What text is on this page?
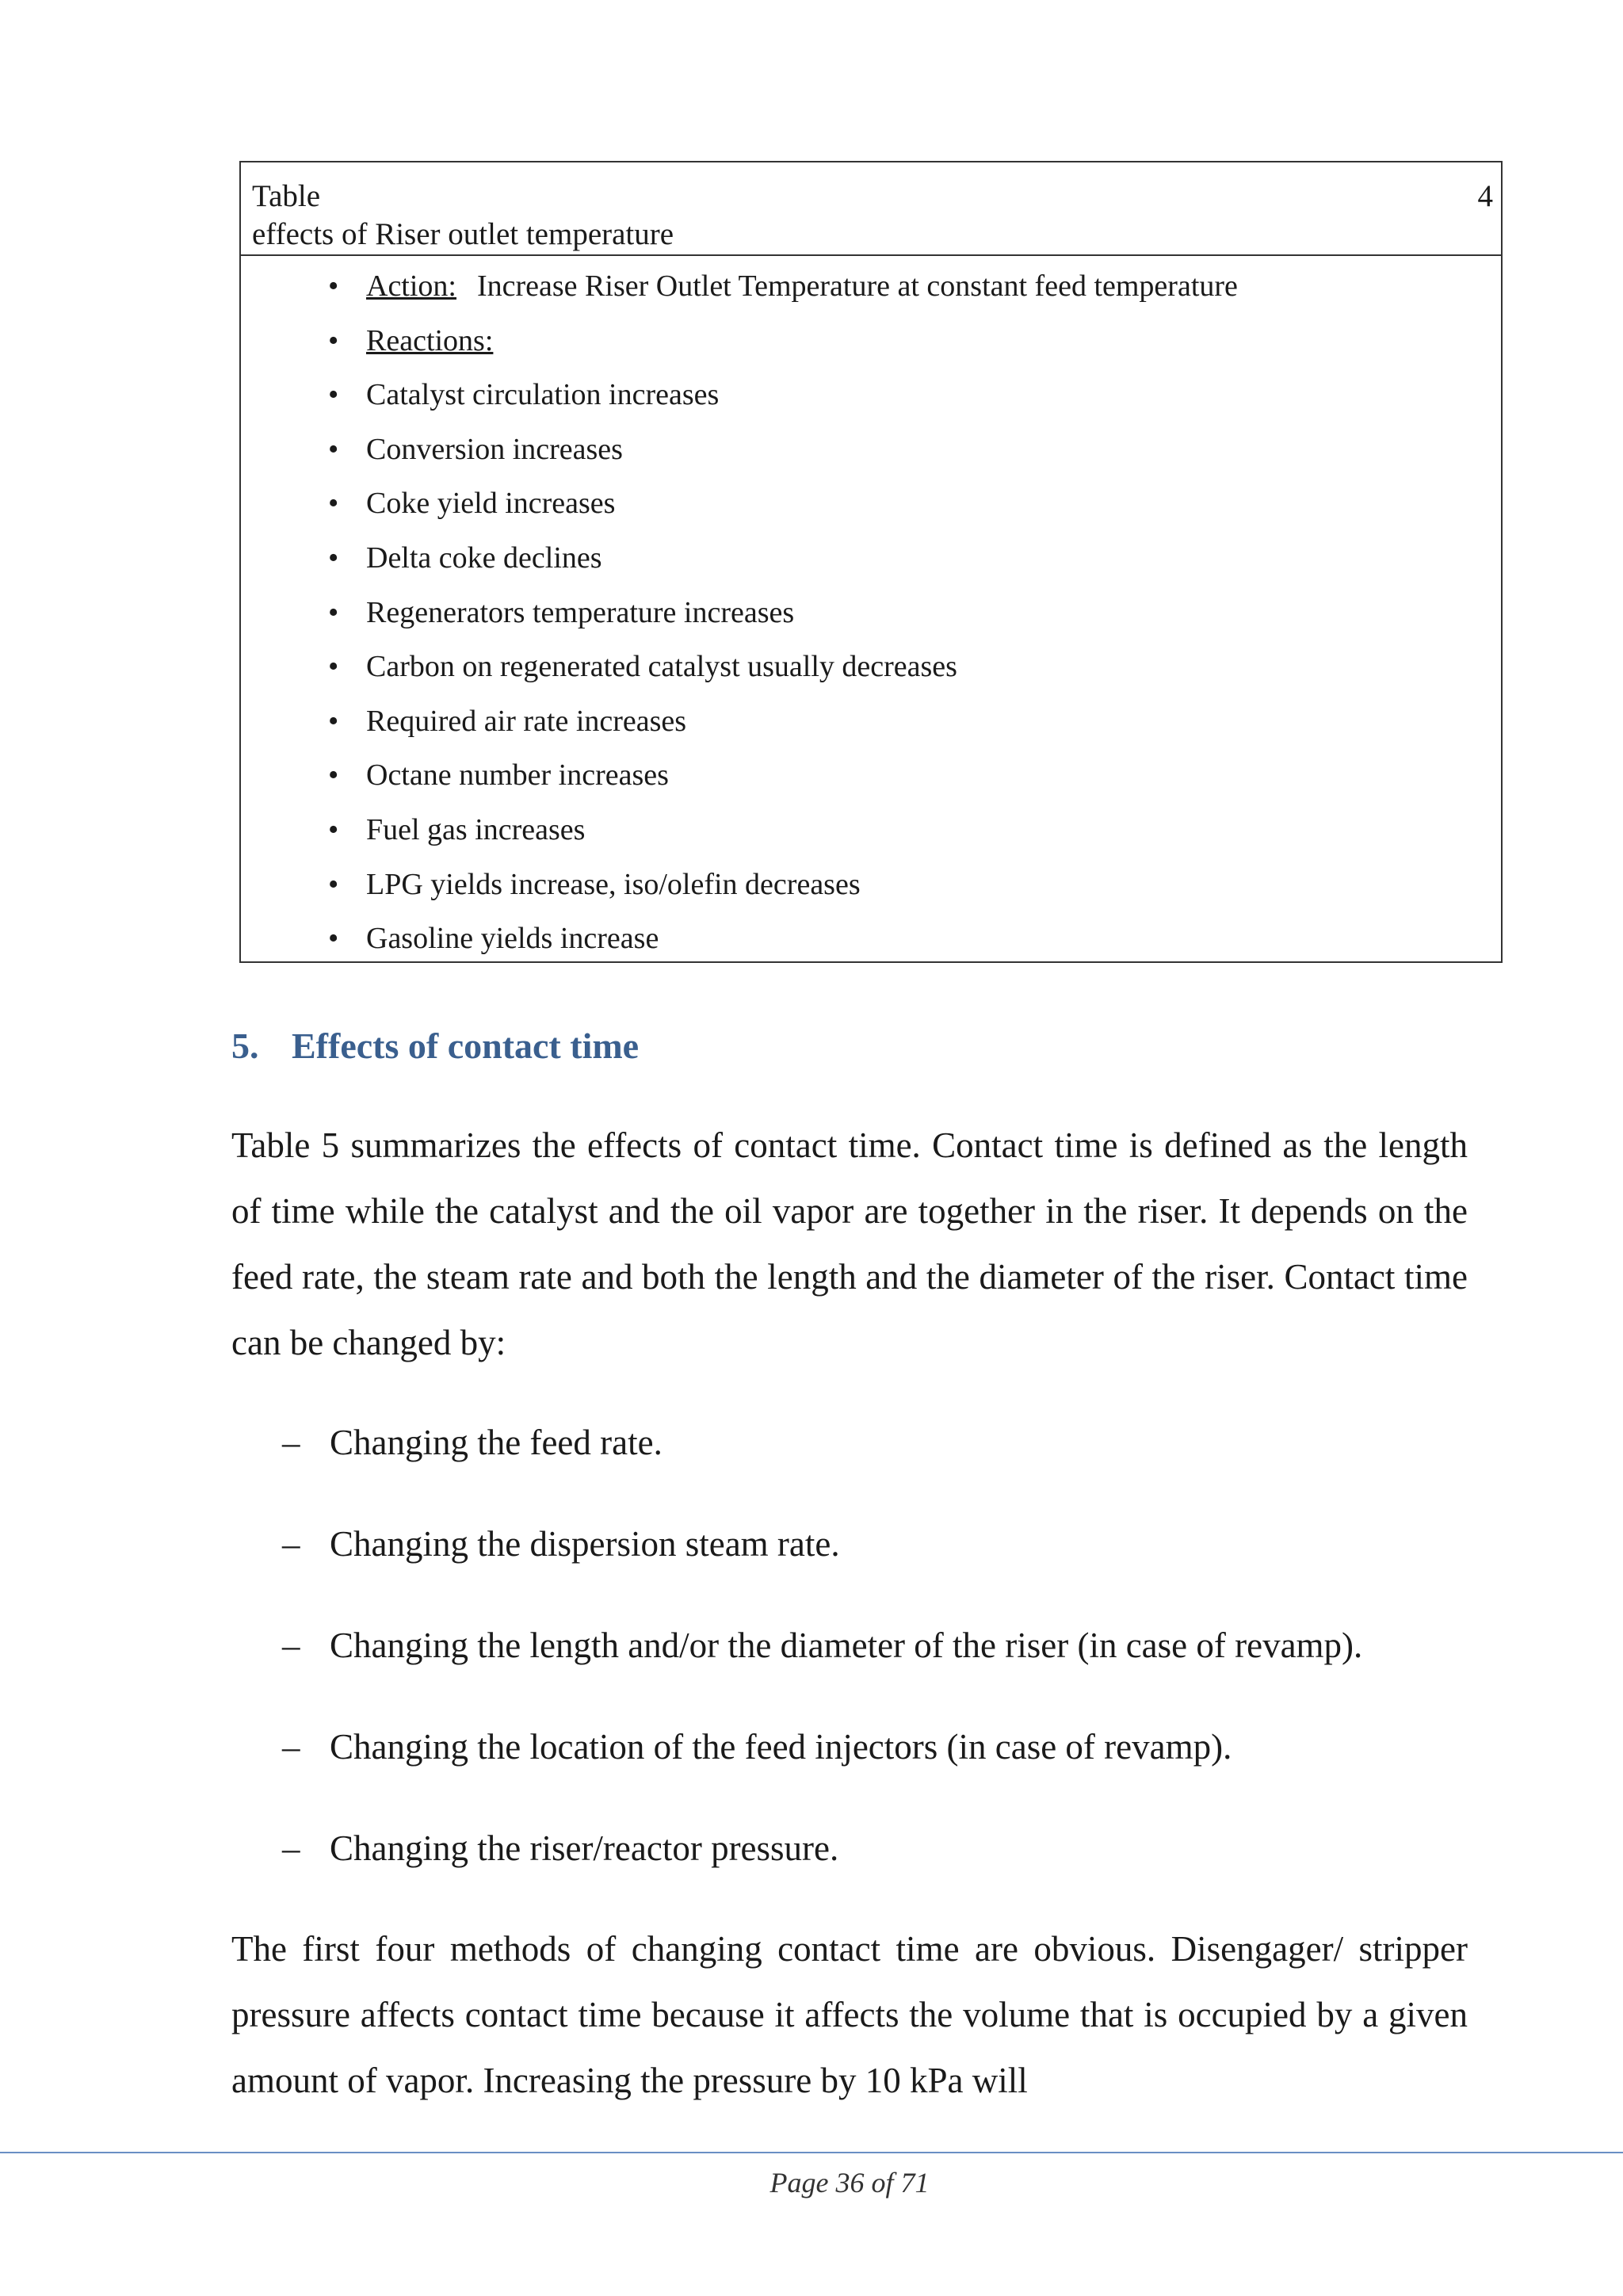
Table
effects of Riser outlet temperature
4
• Action: Increase Riser Outlet Temperature at constant feed temperature
• Reactions:
• Catalyst circulation increases
• Conversion increases
• Coke yield increases
• Delta coke declines
• Regenerators temperature increases
• Carbon on regenerated catalyst usually decreases
• Required air rate increases
• Octane number increases
• Fuel gas increases
• LPG yields increase, iso/olefin decreases
• Gasoline yields increase
5. Effects of contact time

Table 5 summarizes the effects of contact time. Contact time is defined as the length of time while the catalyst and the oil vapor are together in the riser. It depends on the feed rate, the steam rate and both the length and the diameter of the riser. Contact time can be changed by:

– Changing the feed rate.
– Changing the dispersion steam rate.
– Changing the length and/or the diameter of the riser (in case of revamp).
– Changing the location of the feed injectors (in case of revamp).
– Changing the riser/reactor pressure.

The first four methods of changing contact time are obvious. Disengager/ stripper pressure affects contact time because it affects the volume that is occupied by a given amount of vapor. Increasing the pressure by 10 kPa will

Page 36 of 71
